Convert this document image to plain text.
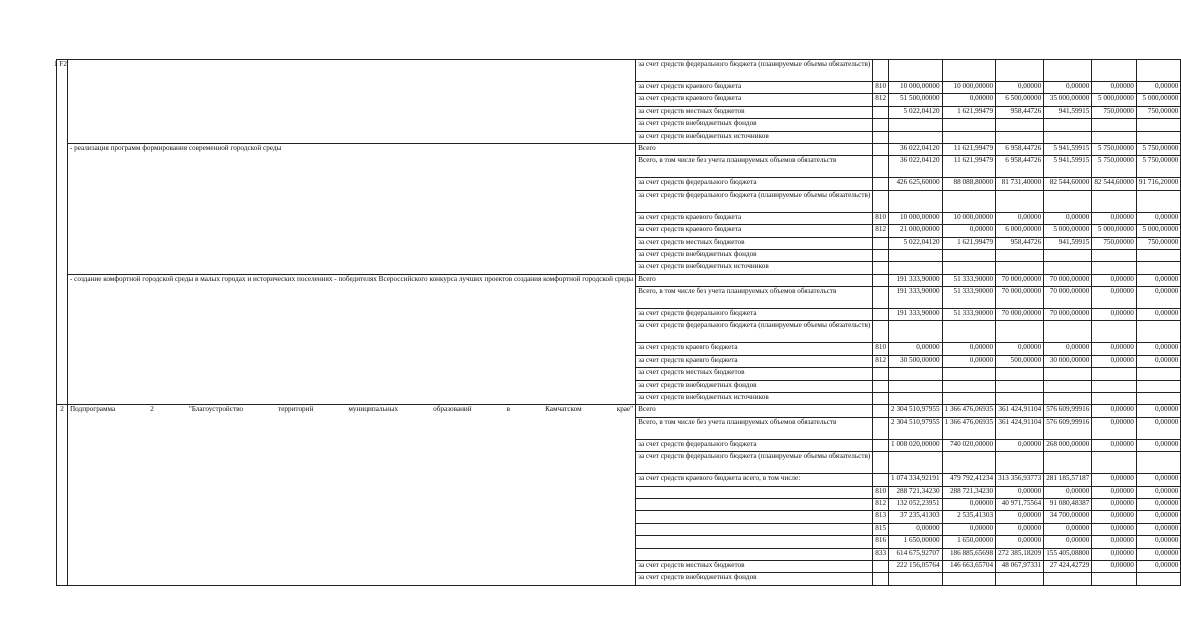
1 F2		за счет средств федерального бюджета (планируемые объемы обязательств)							
		за счет средств краевого бюджета	810	10 000,00000	10 000,00000	0,00000	0,00000	0,00000	0,00000
		за счет средств краевого бюджета	812	51 500,00000	0,00000	6 500,00000	35 000,00000	5 000,00000	5 000,00000
		за счет средств местных бюджетов		5 022,04120	1 621,99479	958,44726	941,59915	750,00000	750,00000
		за счет средств внебюджетных фондов							
		за счет средств внебюджетных источников							
	- реализация программ формирования современной городской среды	Всего		36 022,04120	11 621,99479	6 958,44726	5 941,59915	5 750,00000	5 750,00000
		Всего, в том числе без учета планируемых объемов обязательств		36 022,04120	11 621,99479	6 958,44726	5 941,59915	5 750,00000	5 750,00000
		за счет средств федерального бюджета		426 625,60000	88 088,80000	81 731,40000	82 544,60000	82 544,60000	91 716,20000
		за счет средств федерального бюджета (планируемые объемы обязательств)							
		за счет средств краевого бюджета	810	10 000,00000	10 000,00000	0,00000	0,00000	0,00000	0,00000
		за счет средств краевого бюджета	812	21 000,00000	0,00000	6 000,00000	5 000,00000	5 000,00000	5 000,00000
		за счет средств местных бюджетов		5 022,04120	1 621,99479	958,44726	941,59915	750,00000	750,00000
		за счет средств внебюджетных фондов							
		за счет средств внебюджетных источников							
	- создание комфортной городской среды в малых городах и исторических поселениях - победителях Всероссийского конкурса лучших проектов создания комфортной городской среды	Всего		191 333,90000	51 333,90000	70 000,00000	70 000,00000	0,00000	0,00000
		Всего, в том числе без учета планируемых объемов обязательств		191 333,90000	51 333,90000	70 000,00000	70 000,00000	0,00000	0,00000
		за счет средств федерального бюджета		191 333,90000	51 333,90000	70 000,00000	70 000,00000	0,00000	0,00000
		за счет средств федерального бюджета (планируемые объемы обязательств)							
		за счет средств краевго бюджета	810	0,00000	0,00000	0,00000	0,00000	0,00000	0,00000
		за счет средств краевго бюджета	812	30 500,00000	0,00000	500,00000	30 000,00000	0,00000	0,00000
		за счет средств местных бюджетов							
		за счет средств внебюджетных фондов							
		за счет средств внебюджетных источников							
2	Подпрограмма 2 "Благоустройство территорий муниципальных образований в Камчатском крае"	Всего		2 304 510,97955	1 366 476,06935	361 424,91104	576 609,99916	0,00000	0,00000
		Всего, в том числе без учета планируемых объемов обязательств		2 304 510,97955	1 366 476,06935	361 424,91104	576 609,99916	0,00000	0,00000
		за счет средств федерального бюджета		1 008 020,00000	740 020,00000	0,00000	268 000,00000	0,00000	0,00000
		за счет средств федерального бюджета (планируемые объемы обязательств)							
		за счет средств краевого бюджета всего, в том числе:		1 074 334,92191	479 792,41234	313 356,93773	281 185,57187	0,00000	0,00000
			810	288 721,34230	288 721,34230	0,00000	0,00000	0,00000	0,00000
			812	132 052,23951	0,00000	40 971,75564	91 080,48387	0,00000	0,00000
			813	37 235,41303	2 535,41303	0,00000	34 700,00000	0,00000	0,00000
			815	0,00000	0,00000	0,00000	0,00000	0,00000	0,00000
			816	1 650,00000	1 650,00000	0,00000	0,00000	0,00000	0,00000
			833	614 675,92707	186 885,65698	272 385,18209	155 405,08800	0,00000	0,00000
		за счет средств местных бюджетов		222 156,05764	146 663,65704	48 067,97331	27 424,42729	0,00000	0,00000
		за счет средств внебюджетных фондов							
